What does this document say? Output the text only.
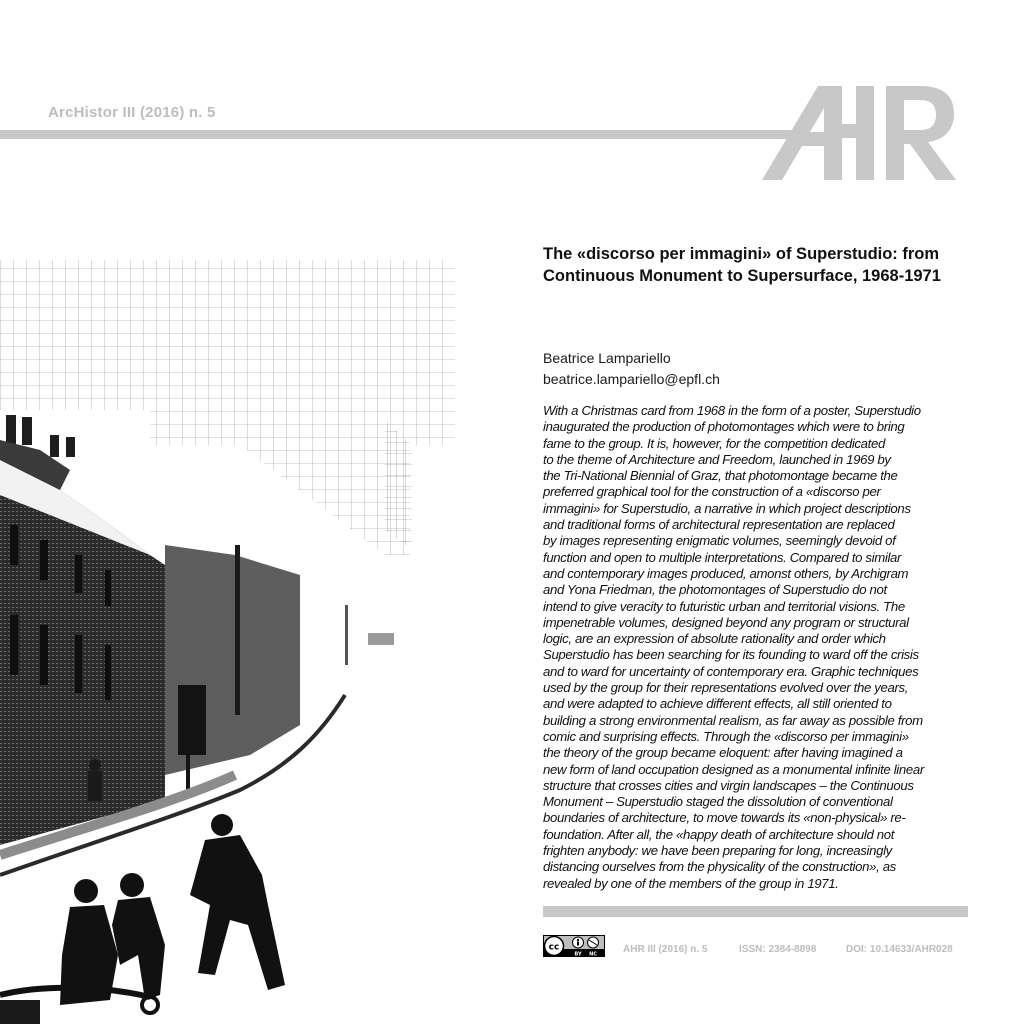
ArcHistor III (2016) n. 5
The «discorso per immagini» of Superstudio: from
Continuous Monument to Supersurface, 1968-1971
Beatrice Lampariello
beatrice.lampariello@epfl.ch

With a Christmas card from 1968 in the form of a poster, Superstudio
inaugurated the production of photomontages which were to bring
fame to the group. It is, however, for the competition dedicated
to the theme of Architecture and Freedom, launched in 1969 by
the Tri-National Biennial of Graz, that photomontage became the
preferred graphical tool for the construction of a «discorso per
immagini» for Superstudio, a narrative in which project descriptions
and traditional forms of architectural representation are replaced
by images representing enigmatic volumes, seemingly devoid of
function and open to multiple interpretations. Compared to similar
and contemporary images produced, amonst others, by Archigram
and Yona Friedman, the photomontages of Superstudio do not
intend to give veracity to futuristic urban and territorial visions. The
impenetrable volumes, designed beyond any program or structural
logic, are an expression of absolute rationality and order which
Superstudio has been searching for its founding to ward off the crisis
and to ward for uncertainty of contemporary era. Graphic techniques
used by the group for their representations evolved over the years,
and were adapted to achieve different effects, all still oriented to
building a strong environmental realism, as far away as possible from
comic and surprising effects. Through the «discorso per immagini»
the theory of the group became eloquent: after having imagined a
new form of land occupation designed as a monumental infinite linear
structure that crosses cities and virgin landscapes – the Continuous
Monument – Superstudio staged the dissolution of conventional
boundaries of architecture, to move towards its «non-physical» re-
foundation. After all, the «happy death of architecture should not
frighten anybody: we have been preparing for long, increasingly
distancing ourselves from the physicality of the construction», as
revealed by one of the members of the group in 1971.

cc
BY NC	AHR III (2016) n. 5	ISSN: 2384-8898	DOI: 10.14633/AHR028
